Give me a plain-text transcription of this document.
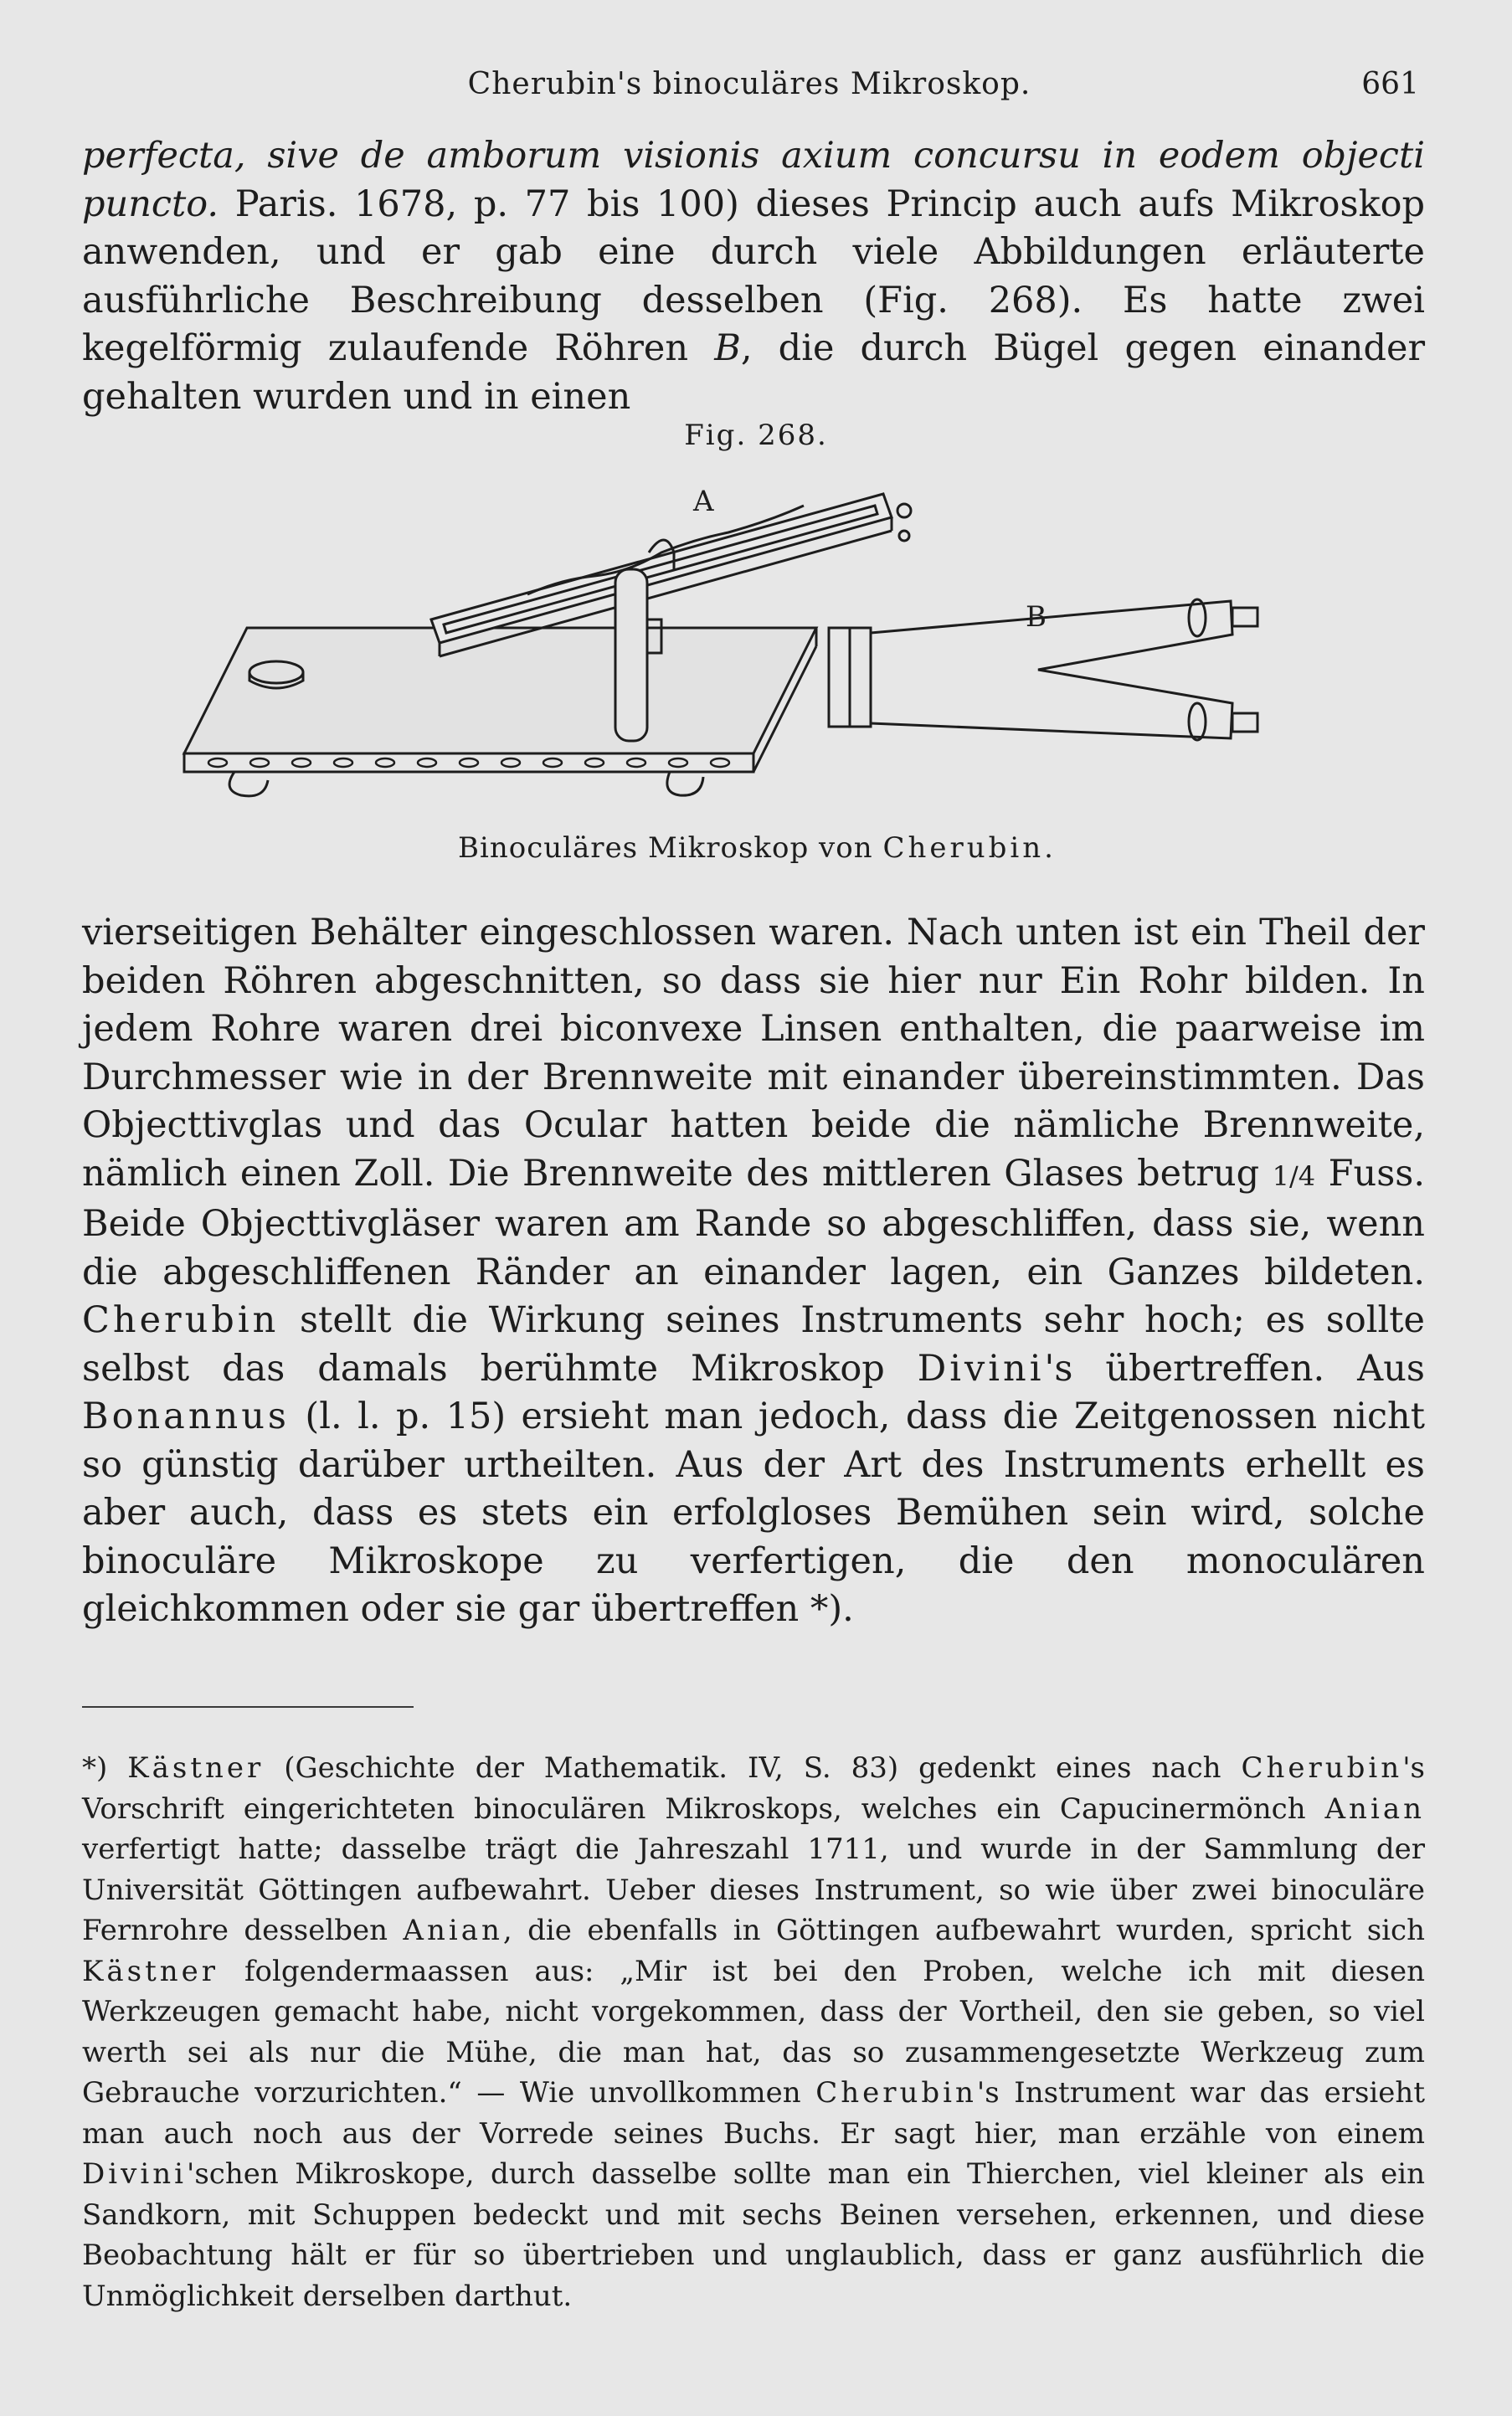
Cherubin's binoculäres Mikroskop.	661

perfecta, sive de amborum visionis axium concursu in eodem objecti puncto. Paris. 1678, p. 77 bis 100) dieses Princip auch aufs Mikroskop anwenden, und er gab eine durch viele Abbildungen erläuterte ausführliche Beschreibung desselben (Fig. 268). Es hatte zwei kegelförmig zulaufende Röhren B, die durch Bügel gegen einander gehalten wurden und in einen

Fig. 268.
A
B
Binoculäres Mikroskop von Cherubin.

vierseitigen Behälter eingeschlossen waren. Nach unten ist ein Theil der beiden Röhren abgeschnitten, so dass sie hier nur Ein Rohr bilden. In jedem Rohre waren drei biconvexe Linsen enthalten, die paarweise im Durchmesser wie in der Brennweite mit einander übereinstimmten. Das Objecttivglas und das Ocular hatten beide die nämliche Brennweite, nämlich einen Zoll. Die Brennweite des mittleren Glases betrug 1/4 Fuss. Beide Objecttivgläser waren am Rande so abgeschliffen, dass sie, wenn die abgeschliffenen Ränder an einander lagen, ein Ganzes bildeten. Cherubin stellt die Wirkung seines Instruments sehr hoch; es sollte selbst das damals berühmte Mikroskop Divini's übertreffen. Aus Bonannus (l. l. p. 15) ersieht man jedoch, dass die Zeitgenossen nicht so günstig darüber urtheilten. Aus der Art des Instruments erhellt es aber auch, dass es stets ein erfolgloses Bemühen sein wird, solche binoculäre Mikroskope zu verfertigen, die den monoculären gleichkommen oder sie gar übertreffen *).

*) Kästner (Geschichte der Mathematik. IV, S. 83) gedenkt eines nach Cherubin's Vorschrift eingerichteten binoculären Mikroskops, welches ein Capucinermönch Anian verfertigt hatte; dasselbe trägt die Jahreszahl 1711, und wurde in der Sammlung der Universität Göttingen aufbewahrt. Ueber dieses Instrument, so wie über zwei binoculäre Fernrohre desselben Anian, die ebenfalls in Göttingen aufbewahrt wurden, spricht sich Kästner folgendermaassen aus: „Mir ist bei den Proben, welche ich mit diesen Werkzeugen gemacht habe, nicht vorgekommen, dass der Vortheil, den sie geben, so viel werth sei als nur die Mühe, die man hat, das so zusammengesetzte Werkzeug zum Gebrauche vorzurichten.“ — Wie unvollkommen Cherubin's Instrument war das ersieht man auch noch aus der Vorrede seines Buchs. Er sagt hier, man erzähle von einem Divini'schen Mikroskope, durch dasselbe sollte man ein Thierchen, viel kleiner als ein Sandkorn, mit Schuppen bedeckt und mit sechs Beinen versehen, erkennen, und diese Beobachtung hält er für so übertrieben und unglaublich, dass er ganz ausführlich die Unmöglichkeit derselben darthut.
